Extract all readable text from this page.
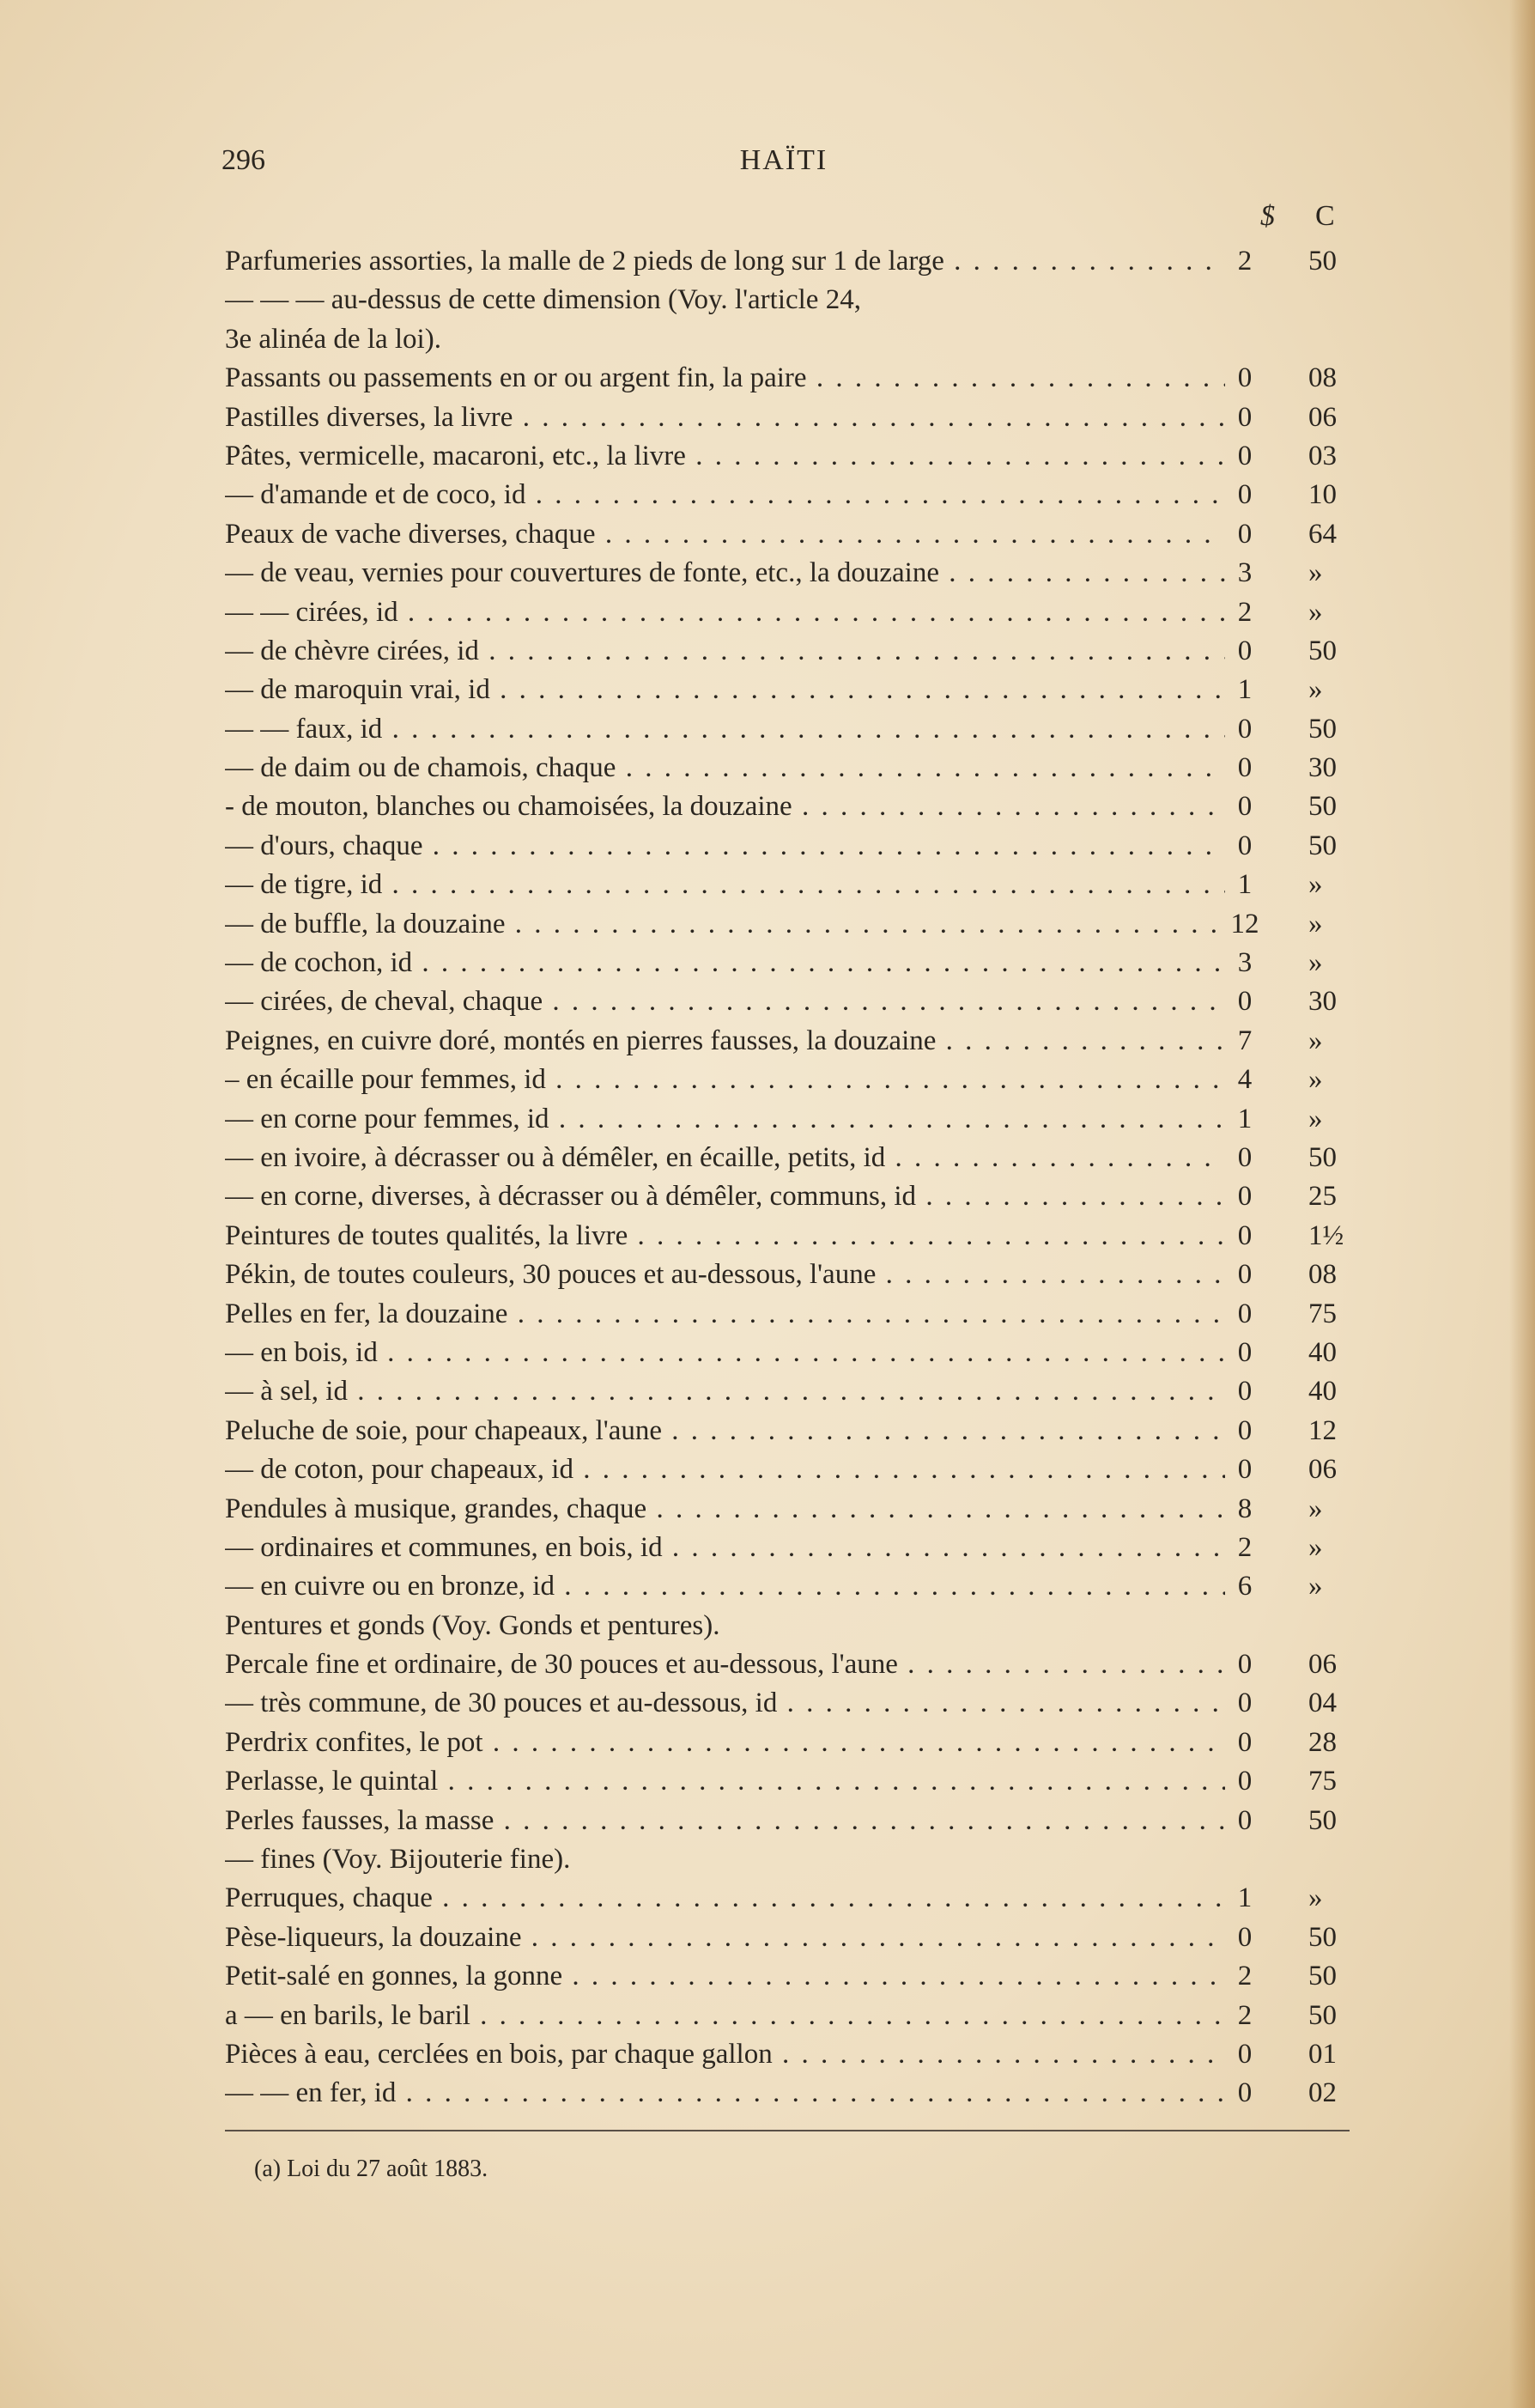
296	HAÏTI
$ C
Parfumeries assorties, la malle de 2 pieds de long sur 1 de large . . .	2	50
— — — au-dessus de cette dimension (Voy. l'article 24,
3e alinéa de la loi).
Passants ou passements en or ou argent fin, la paire . . .	0	08
Pastilles diverses, la livre . . .	0	06
Pâtes, vermicelle, macaroni, etc., la livre . . .	0	03
— d'amande et de coco, id . . .	0	10
Peaux de vache diverses, chaque . . .	0	64
— de veau, vernies pour couvertures de fonte, etc., la douzaine . . .	3	»
— — cirées, id . . .	2	»
— de chèvre cirées, id . . .	0	50
— de maroquin vrai, id . . .	1	»
— — faux, id . . .	0	50
— de daim ou de chamois, chaque . . .	0	30
- de mouton, blanches ou chamoisées, la douzaine . . .	0	50
— d'ours, chaque . . .	0	50
— de tigre, id . . .	1	»
— de buffle, la douzaine . . .	12	»
— de cochon, id . . .	3	»
— cirées, de cheval, chaque . . .	0	30
Peignes, en cuivre doré, montés en pierres fausses, la douzaine . . .	7	»
– en écaille pour femmes, id . . .	4	»
— en corne pour femmes, id . . .	1	»
— en ivoire, à décrasser ou à démêler, en écaille, petits, id . . .	0	50
— en corne, diverses, à décrasser ou à démêler, communs, id . . .	0	25
Peintures de toutes qualités, la livre . . .	0	1½
Pékin, de toutes couleurs, 30 pouces et au-dessous, l'aune . . .	0	08
Pelles en fer, la douzaine . . .	0	75
— en bois, id . . .	0	40
— à sel, id . . .	0	40
Peluche de soie, pour chapeaux, l'aune . . .	0	12
— de coton, pour chapeaux, id . . .	0	06
Pendules à musique, grandes, chaque . . .	8	»
— ordinaires et communes, en bois, id . . .	2	»
— en cuivre ou en bronze, id . . .	6	»
Pentures et gonds (Voy. Gonds et pentures).
Percale fine et ordinaire, de 30 pouces et au-dessous, l'aune . . .	0	06
— très commune, de 30 pouces et au-dessous, id . . .	0	04
Perdrix confites, le pot . . .	0	28
Perlasse, le quintal . . .	0	75
Perles fausses, la masse . . .	0	50
— fines (Voy. Bijouterie fine).
Perruques, chaque . . .	1	»
Pèse-liqueurs, la douzaine . . .	0	50
Petit-salé en gonnes, la gonne . . .	2	50
a — en barils, le baril . . .	2	50
Pièces à eau, cerclées en bois, par chaque gallon . . .	0	01
— — en fer, id . . .	0	02
(a) Loi du 27 août 1883.
